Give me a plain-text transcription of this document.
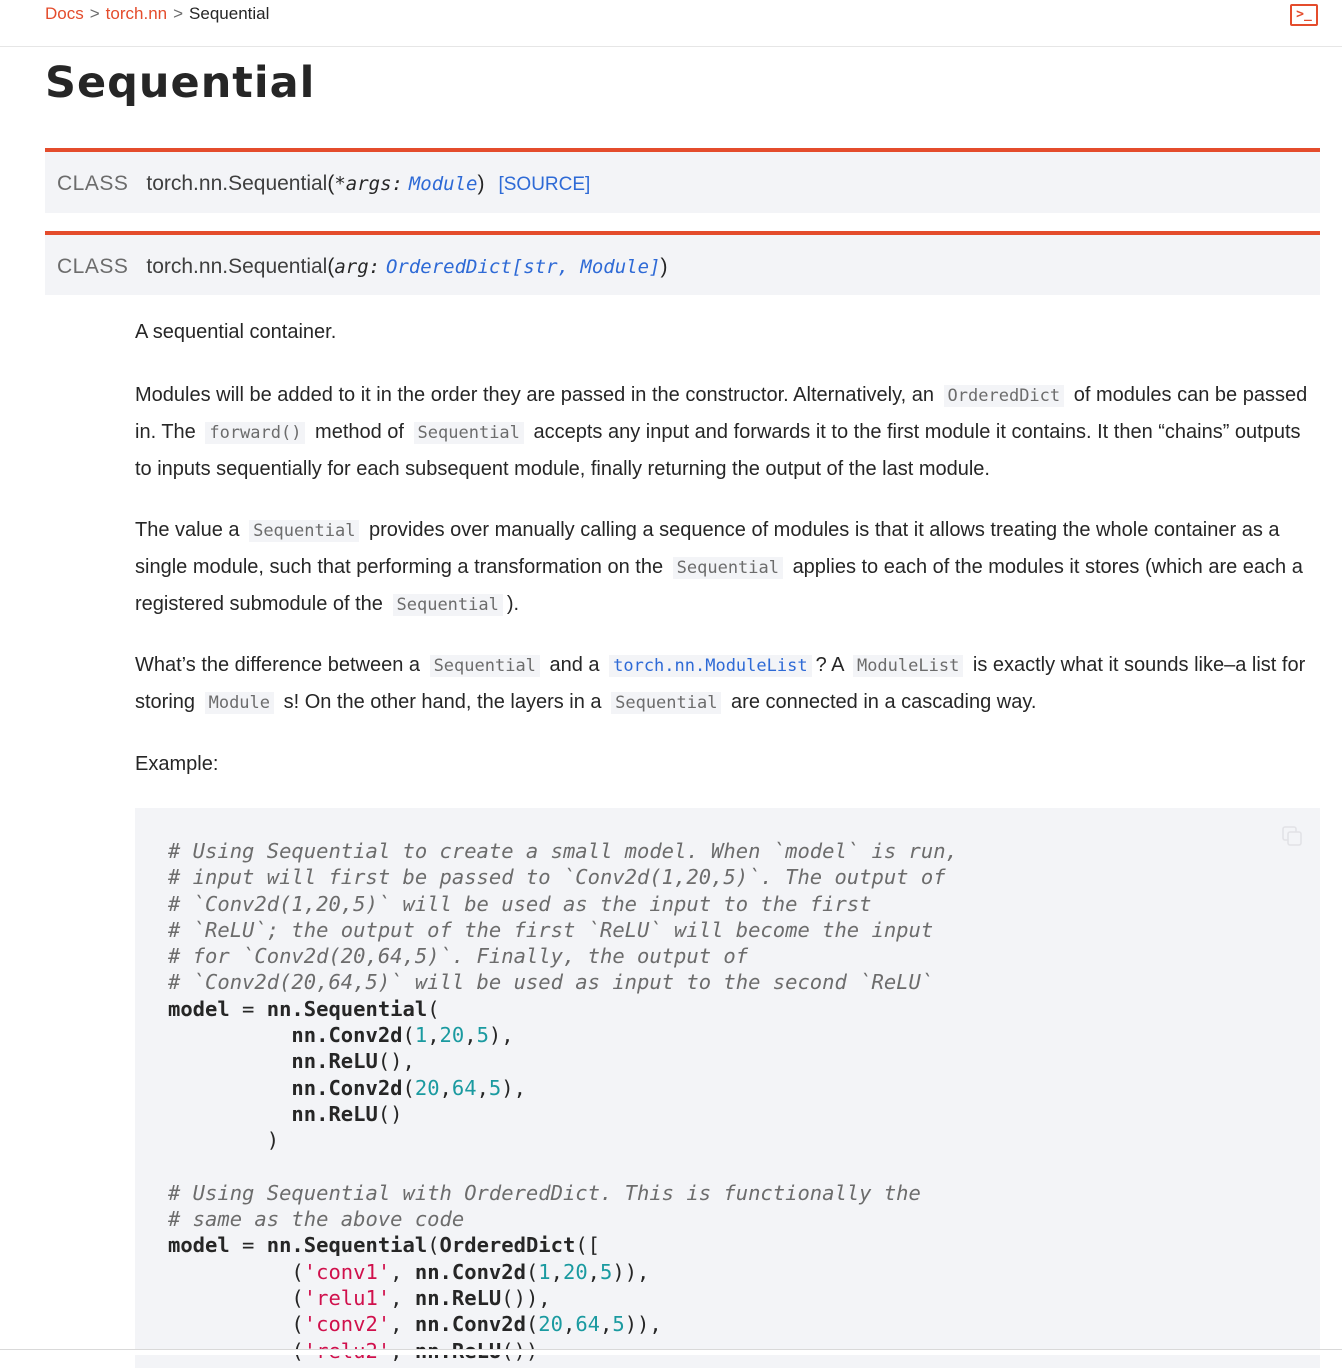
Docs > torch.nn > Sequential	>_
Sequential
CLASS torch.nn.Sequential(*args: Module) [SOURCE]
CLASS torch.nn.Sequential(arg: OrderedDict[str, Module])

A sequential container.

Modules will be added to it in the order they are passed in the constructor. Alternatively, an OrderedDict of modules can be passed in. The forward() method of Sequential accepts any input and forwards it to the first module it contains. It then “chains” outputs to inputs sequentially for each subsequent module, finally returning the output of the last module.

The value a Sequential provides over manually calling a sequence of modules is that it allows treating the whole container as a single module, such that performing a transformation on the Sequential applies to each of the modules it stores (which are each a registered submodule of the Sequential ).

What’s the difference between a Sequential and a torch.nn.ModuleList ? A ModuleList is exactly what it sounds like–a list for storing Module s! On the other hand, the layers in a Sequential are connected in a cascading way.

Example:

# Using Sequential to create a small model. When `model` is run,
# input will first be passed to `Conv2d(1,20,5)`. The output of
# `Conv2d(1,20,5)` will be used as the input to the first
# `ReLU`; the output of the first `ReLU` will become the input
# for `Conv2d(20,64,5)`. Finally, the output of
# `Conv2d(20,64,5)` will be used as input to the second `ReLU`
model = nn.Sequential(
nn.Conv2d(1,20,5),
nn.ReLU(),
nn.Conv2d(20,64,5),
nn.ReLU()
)

# Using Sequential with OrderedDict. This is functionally the
# same as the above code
model = nn.Sequential(OrderedDict([
('conv1', nn.Conv2d(1,20,5)),
('relu1', nn.ReLU()),
('conv2', nn.Conv2d(20,64,5)),
